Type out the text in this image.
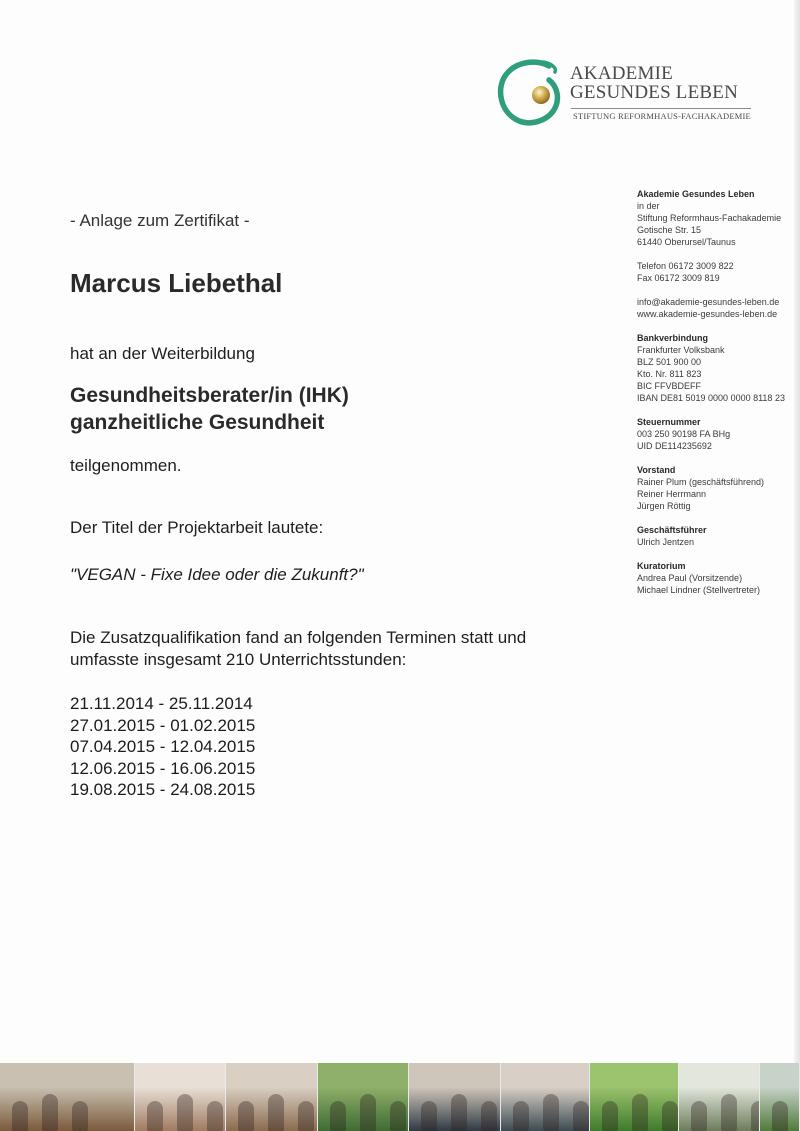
AKADEMIE
GESUNDES LEBEN
STIFTUNG REFORMHAUS-FACHAKADEMIE
Akademie Gesundes Leben
in der
Stiftung Reformhaus-Fachakademie
Gotische Str. 15
61440 Oberursel/Taunus
Telefon 06172 3009 822
Fax 06172 3009 819
info@akademie-gesundes-leben.de
www.akademie-gesundes-leben.de
Bankverbindung
Frankfurter Volksbank
BLZ 501 900 00
Kto. Nr. 811 823
BIC FFVBDEFF
IBAN DE81 5019 0000 0000 8118 23
Steuernummer
003 250 90198 FA BHg
UID DE114235692
Vorstand
Rainer Plum (geschäftsführend)
Reiner Herrmann
Jürgen Röttig
Geschäftsführer
Ulrich Jentzen
Kuratorium
Andrea Paul (Vorsitzende)
Michael Lindner (Stellvertreter)
- Anlage zum Zertifikat -
Marcus Liebethal
hat an der Weiterbildung
Gesundheitsberater/in (IHK)
ganzheitliche Gesundheit
teilgenommen.
Der Titel der Projektarbeit lautete:
"VEGAN - Fixe Idee oder die Zukunft?"
Die Zusatzqualifikation fand an folgenden Terminen statt und
umfasste insgesamt 210 Unterrichtsstunden:
21.11.2014 - 25.11.2014
27.01.2015 - 01.02.2015
07.04.2015 - 12.04.2015
12.06.2015 - 16.06.2015
19.08.2015 - 24.08.2015
